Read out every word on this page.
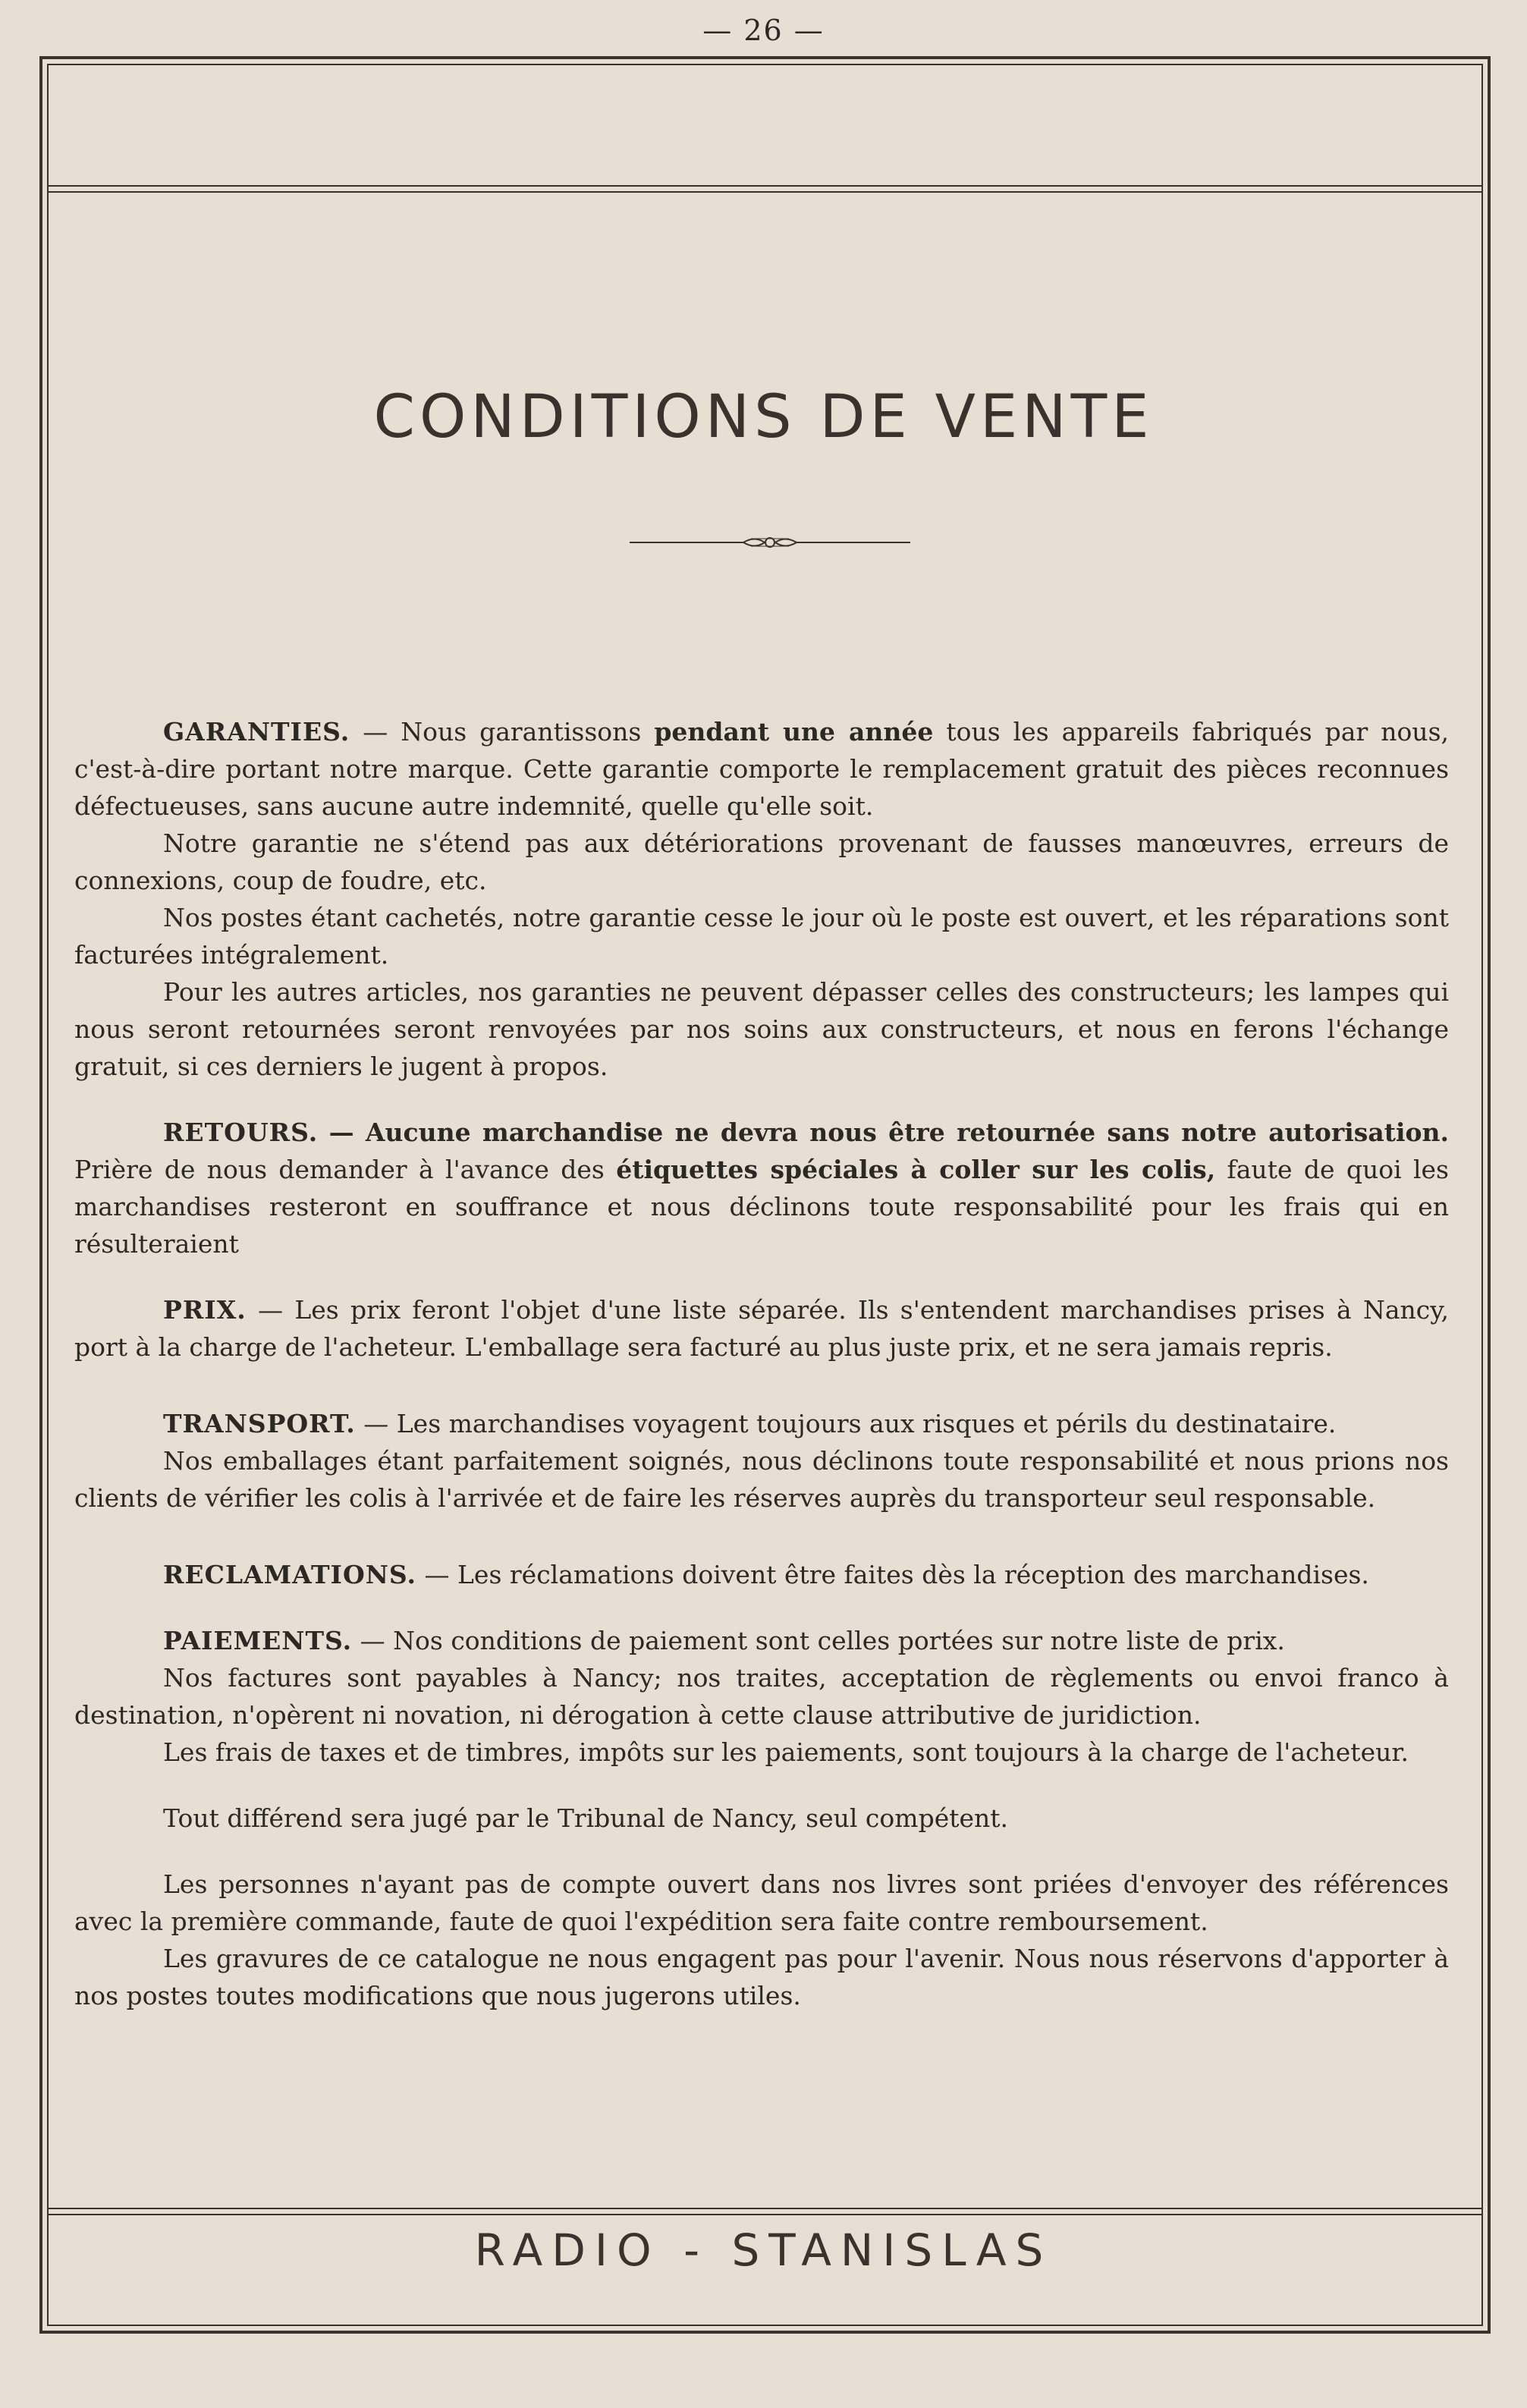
— 26 —
CONDITIONS DE VENTE

GARANTIES. — Nous garantissons pendant une année tous les appareils fabriqués par nous, c'est-à-dire portant notre marque. Cette garantie comporte le remplacement gratuit des pièces reconnues défectueuses, sans aucune autre indemnité, quelle qu'elle soit.

Notre garantie ne s'étend pas aux détériorations provenant de fausses manœuvres, erreurs de connexions, coup de foudre, etc.

Nos postes étant cachetés, notre garantie cesse le jour où le poste est ouvert, et les réparations sont facturées intégralement.

Pour les autres articles, nos garanties ne peuvent dépasser celles des constructeurs; les lampes qui nous seront retournées seront renvoyées par nos soins aux constructeurs, et nous en ferons l'échange gratuit, si ces derniers le jugent à propos.

RETOURS. — Aucune marchandise ne devra nous être retournée sans notre autorisation. Prière de nous demander à l'avance des étiquettes spéciales à coller sur les colis, faute de quoi les marchandises resteront en souffrance et nous déclinons toute responsabilité pour les frais qui en résulteraient

PRIX. — Les prix feront l'objet d'une liste séparée. Ils s'entendent marchandises prises à Nancy, port à la charge de l'acheteur. L'emballage sera facturé au plus juste prix, et ne sera jamais repris.

TRANSPORT. — Les marchandises voyagent toujours aux risques et périls du destinataire.

Nos emballages étant parfaitement soignés, nous déclinons toute responsabilité et nous prions nos clients de vérifier les colis à l'arrivée et de faire les réserves auprès du transporteur seul responsable.

RECLAMATIONS. — Les réclamations doivent être faites dès la réception des marchandises.

PAIEMENTS. — Nos conditions de paiement sont celles portées sur notre liste de prix.

Nos factures sont payables à Nancy; nos traites, acceptation de règlements ou envoi franco à destination, n'opèrent ni novation, ni dérogation à cette clause attributive de juridiction.

Les frais de taxes et de timbres, impôts sur les paiements, sont toujours à la charge de l'acheteur.

Tout différend sera jugé par le Tribunal de Nancy, seul compétent.

Les personnes n'ayant pas de compte ouvert dans nos livres sont priées d'envoyer des références avec la première commande, faute de quoi l'expédition sera faite contre remboursement.

Les gravures de ce catalogue ne nous engagent pas pour l'avenir. Nous nous réservons d'apporter à nos postes toutes modifications que nous jugerons utiles.

RADIO - STANISLAS
